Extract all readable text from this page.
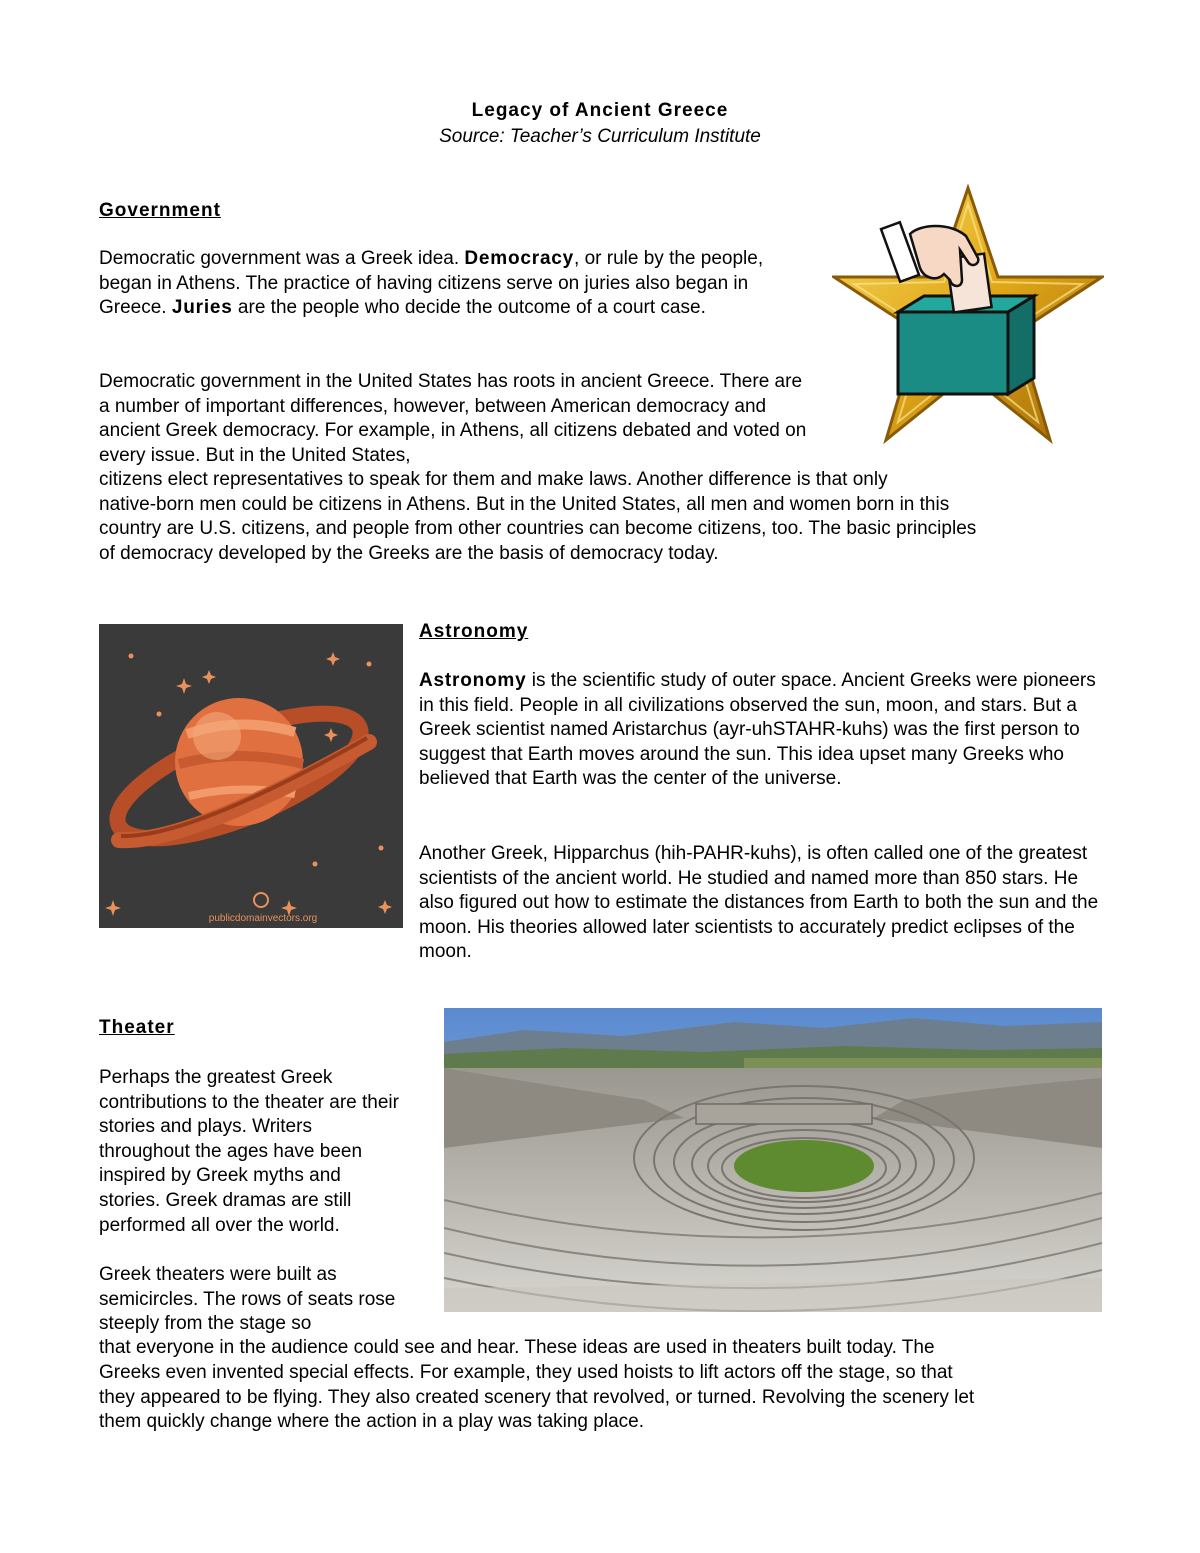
Legacy of Ancient Greece
Source: Teacher’s Curriculum Institute
Government

Democratic government was a Greek idea. Democracy, or rule by the people, began in Athens. The practice of having citizens serve on juries also began in Greece. Juries are the people who decide the outcome of a court case.

Democratic government in the United States has roots in ancient Greece. There are a number of important differences, however, between American democracy and ancient Greek democracy. For example, in Athens, all citizens debated and voted on every issue. But in the United States,

citizens elect representatives to speak for them and make laws. Another difference is that only
native-born men could be citizens in Athens. But in the United States, all men and women born in this
country are U.S. citizens, and people from other countries can become citizens, too. The basic principles
of democracy developed by the Greeks are the basis of democracy today.
publicdomainvectors.org
Astronomy

Astronomy is the scientific study of outer space. Ancient Greeks were pioneers in this field. People in all civilizations observed the sun, moon, and stars. But a Greek scientist named Aristarchus (ayr-uhSTAHR-kuhs) was the first person to suggest that Earth moves around the sun. This idea upset many Greeks who believed that Earth was the center of the universe.

Another Greek, Hipparchus (hih-PAHR-kuhs), is often called one of the greatest scientists of the ancient world. He studied and named more than 850 stars. He also figured out how to estimate the distances from Earth to both the sun and the moon. His theories allowed later scientists to accurately predict eclipses of the moon.

Theater

Perhaps the greatest Greek contributions to the theater are their stories and plays. Writers throughout the ages have been inspired by Greek myths and stories. Greek dramas are still performed all over the world.

Greek theaters were built as semicircles. The rows of seats rose steeply from the stage so

that everyone in the audience could see and hear. These ideas are used in theaters built today. The
Greeks even invented special effects. For example, they used hoists to lift actors off the stage, so that
they appeared to be flying. They also created scenery that revolved, or turned. Revolving the scenery let
them quickly change where the action in a play was taking place.
